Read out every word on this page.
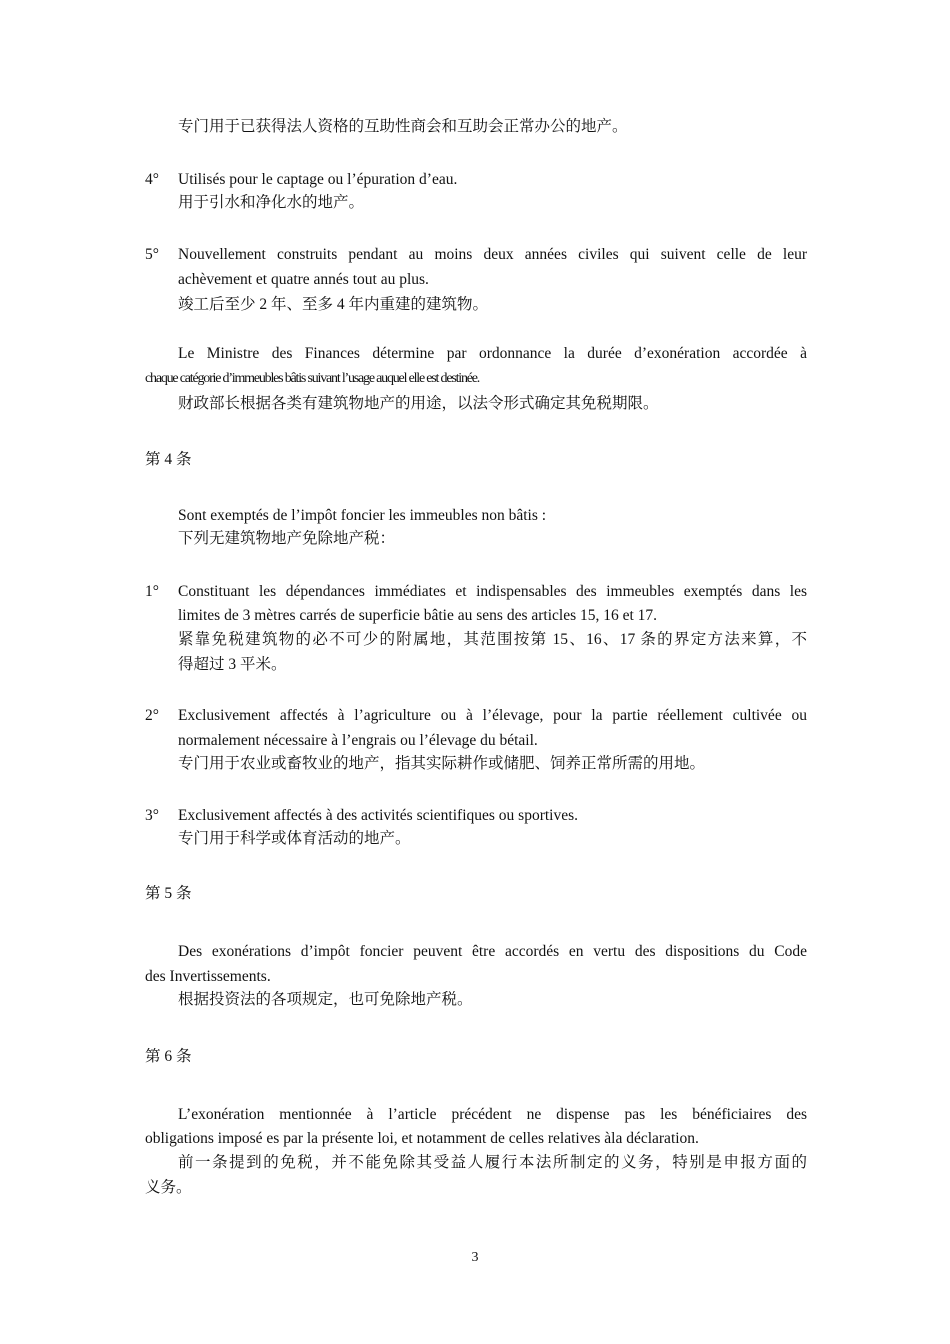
专门用于已获得法人资格的互助性商会和互助会正常办公的地产。
4° Utilisés pour le captage ou l’épuration d’eau.
用于引水和净化水的地产。
5° Nouvellement construits pendant au moins deux années civiles qui suivent celle de leur
achèvement et quatre annés tout au plus.
竣工后至少 2 年、至多 4 年内重建的建筑物。
Le Ministre des Finances détermine par ordonnance la durée d’exonération accordée à
chaque catégorie d’immeubles bâtis suivant l’usage auquel elle est destinée.
财政部长根据各类有建筑物地产的用途，以法令形式确定其免税期限。
第 4 条
Sont exemptés de l’impôt foncier les immeubles non bâtis :
下列无建筑物地产免除地产税：
1° Constituant les dépendances immédiates et indispensables des immeubles exemptés dans les
limites de 3 mètres carrés de superficie bâtie au sens des articles 15, 16 et 17.
紧靠免税建筑物的必不可少的附属地，其范围按第 15、16、17 条的界定方法来算，不
得超过 3 平米。
2° Exclusivement affectés à l’agriculture ou à l’élevage, pour la partie réellement cultivée ou
normalement nécessaire à l’engrais ou l’élevage du bétail.
专门用于农业或畜牧业的地产，指其实际耕作或储肥、饲养正常所需的用地。
3° Exclusivement affectés à des activités scientifiques ou sportives.
专门用于科学或体育活动的地产。
第 5 条
Des exonérations d’impôt foncier peuvent être accordés en vertu des dispositions du Code
des Invertissements.
根据投资法的各项规定，也可免除地产税。
第 6 条
L’exonération mentionnée à l’article précédent ne dispense pas les bénéficiaires des
obligations imposé es par la présente loi, et notamment de celles relatives àla déclaration.
前一条提到的免税，并不能免除其受益人履行本法所制定的义务，特别是申报方面的
义务。
3
